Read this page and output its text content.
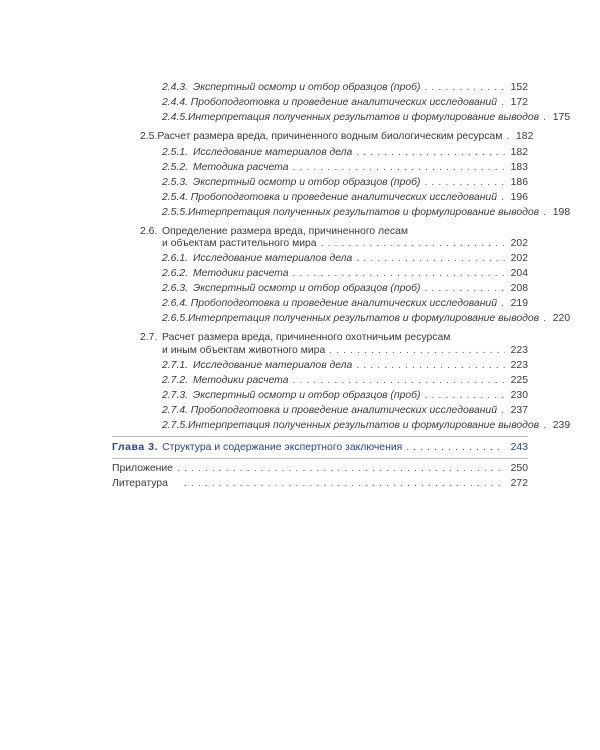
2.4.3. Экспертный осмотр и отбор образцов (проб) . . .	152
2.4.4. Пробоподготовка и проведение аналитических исследований . . .	172
2.4.5. Интерпретация полученных результатов и формулирование выводов . . .	175
2.5. Расчет размера вреда, причиненного водным биологическим ресурсам . . .	182
2.5.1. Исследование материалов дела . . .	182
2.5.2. Методика расчета . . .	183
2.5.3. Экспертный осмотр и отбор образцов (проб) . . .	186
2.5.4. Пробоподготовка и проведение аналитических исследований . . .	196
2.5.5. Интерпретация полученных результатов и формулирование выводов . . .	198
2.6. Определение размера вреда, причиненного лесам
и объектам растительного мира . . .	202
2.6.1. Исследование материалов дела . . .	202
2.6.2. Методики расчета . . .	204
2.6.3. Экспертный осмотр и отбор образцов (проб) . . .	208
2.6.4. Пробоподготовка и проведение аналитических исследований . . .	219
2.6.5. Интерпретация полученных результатов и формулирование выводов . . .	220
2.7. Расчет размера вреда, причиненного охотничьим ресурсам
и иным объектам животного мира . . .	223
2.7.1. Исследование материалов дела . . .	223
2.7.2. Методики расчета . . .	225
2.7.3. Экспертный осмотр и отбор образцов (проб) . . .	230
2.7.4. Пробоподготовка и проведение аналитических исследований . . .	237
2.7.5. Интерпретация полученных результатов и формулирование выводов . . .	239
Глава 3. Структура и содержание экспертного заключения . . .	243
Приложение . . .	250
Литература . . .	272
